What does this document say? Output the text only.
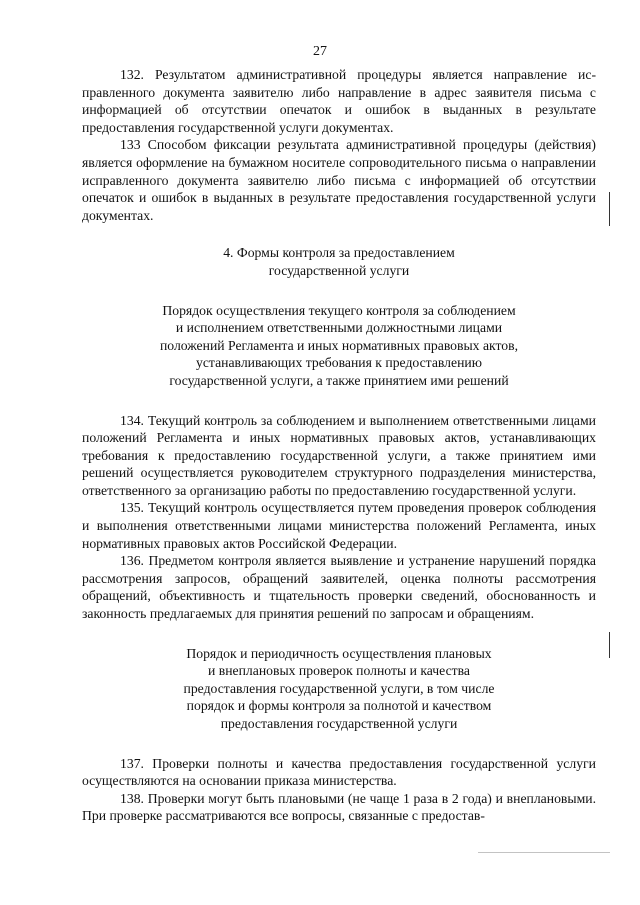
27

132. Результатом административной процедуры является направление исправленного документа заявителю либо направление в адрес заявителя письма с информацией об отсутствии опечаток и ошибок в выданных в результате предоставления государственной услуги документах.

133 Способом фиксации результата административной процедуры (действия) является оформление на бумажном носителе сопроводительного письма о направлении исправленного документа заявителю либо письма с информацией об отсутствии опечаток и ошибок в выданных в результате предоставления государственной услуги документах.

4. Формы контроля за предоставлением
государственной услуги
Порядок осуществления текущего контроля за соблюдением
и исполнением ответственными должностными лицами
положений Регламента и иных нормативных правовых актов,
устанавливающих требования к предоставлению
государственной услуги, а также принятием ими решений

134. Текущий контроль за соблюдением и выполнением ответственными лицами положений Регламента и иных нормативных правовых актов, устанавливающих требования к предоставлению государственной услуги, а также принятием ими решений осуществляется руководителем структурного подразделения министерства, ответственного за организацию работы по предоставлению государственной услуги.

135. Текущий контроль осуществляется путем проведения проверок соблюдения и выполнения ответственными лицами министерства положений Регламента, иных нормативных правовых актов Российской Федерации.

136. Предметом контроля является выявление и устранение нарушений порядка рассмотрения запросов, обращений заявителей, оценка полноты рассмотрения обращений, объективность и тщательность проверки сведений, обоснованность и законность предлагаемых для принятия решений по запросам и обращениям.

Порядок и периодичность осуществления плановых
и внеплановых проверок полноты и качества
предоставления государственной услуги, в том числе
порядок и формы контроля за полнотой и качеством
предоставления государственной услуги

137. Проверки полноты и качества предоставления государственной услуги осуществляются на основании приказа министерства.

138. Проверки могут быть плановыми (не чаще 1 раза в 2 года) и внеплановыми. При проверке рассматриваются все вопросы, связанные с предостав-
